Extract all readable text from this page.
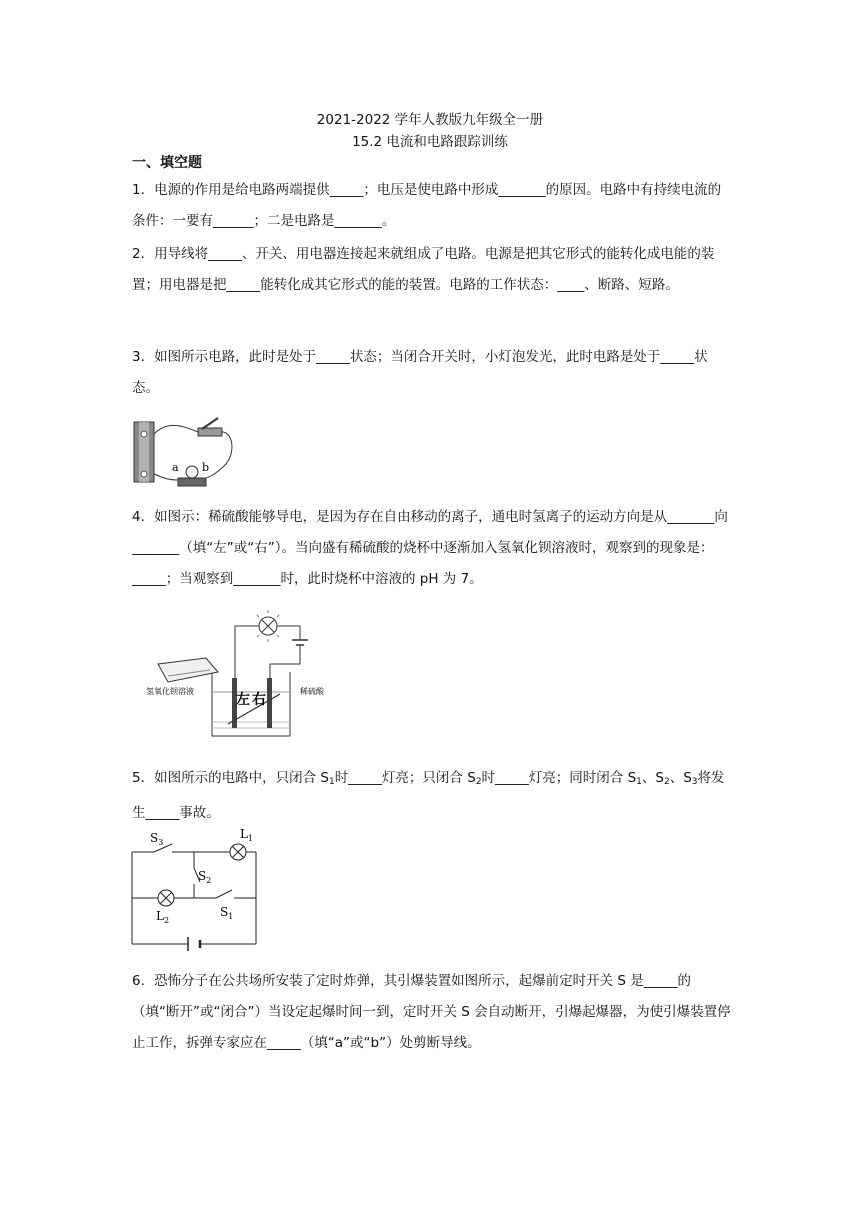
2021-2022 学年人教版九年级全一册
15.2 电流和电路跟踪训练
一、填空题
1．电源的作用是给电路两端提供_____；电压是使电路中形成_______的原因。电路中有持续电流的条件：一要有______；二是电路是_______。
2．用导线将_____、开关、用电器连接起来就组成了电路。电源是把其它形式的能转化成电能的装置；用电器是把_____能转化成其它形式的能的装置。电路的工作状态：____、断路、短路。
3．如图所示电路，此时是处于_____状态；当闭合开关时，小灯泡发光，此时电路是处于_____状态。
a b
4．如图示：稀硫酸能够导电，是因为存在自由移动的离子，通电时氢离子的运动方向是从_______向_______（填“左”或“右”）。当向盛有稀硫酸的烧杯中逐渐加入氢氧化钡溶液时，观察到的现象是：_____；当观察到_______时，此时烧杯中溶液的 pH 为 7。
左 右
氢氧化钡溶液	稀硫酸
5．如图所示的电路中，只闭合 $S_1$时_____灯亮；只闭合 $S_2$时_____灯亮；同时闭合 $S_1$、$S_2$、$S_3$将发生_____事故。
$S_3$
$L_1$
$S_2$
$L_2$
$S_1$
6．恐怖分子在公共场所安装了定时炸弹，其引爆装置如图所示，起爆前定时开关 S 是_____的（填“断开”或“闭合”）当设定起爆时间一到，定时开关 S 会自动断开，引爆起爆器，为使引爆装置停止工作，拆弹专家应在_____（填“a”或“b”）处剪断导线。
